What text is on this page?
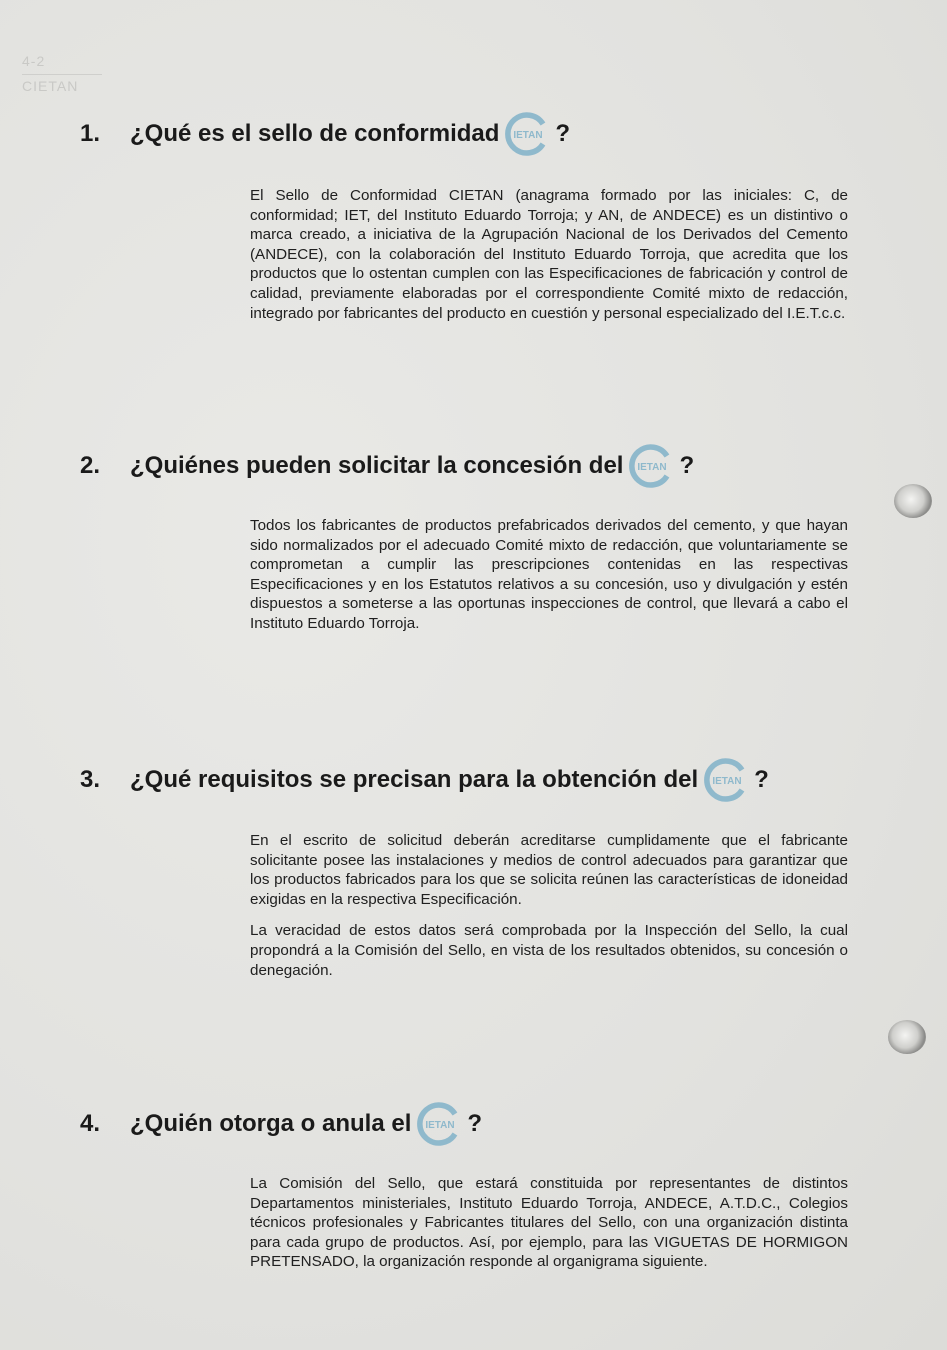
4-2
CIETAN
1.	¿Qué es el sello de conformidad IETAN ?

El Sello de Conformidad CIETAN (anagrama formado por las iniciales: C, de conformidad; IET, del Instituto Eduardo Torroja; y AN, de ANDECE) es un distintivo o marca creado, a iniciativa de la Agrupación Nacional de los Derivados del Cemento (ANDECE), con la colaboración del Instituto Eduardo Torroja, que acredita que los productos que lo ostentan cumplen con las Especificaciones de fabricación y control de calidad, previamente elaboradas por el correspondiente Comité mixto de redacción, integrado por fabricantes del producto en cuestión y personal especializado del I.E.T.c.c.

2.	¿Quiénes pueden solicitar la concesión del IETAN ?

Todos los fabricantes de productos prefabricados derivados del cemento, y que hayan sido normalizados por el adecuado Comité mixto de redacción, que voluntariamente se comprometan a cumplir las prescripciones contenidas en las respectivas Especificaciones y en los Estatutos relativos a su concesión, uso y divulgación y estén dispuestos a someterse a las oportunas inspecciones de control, que llevará a cabo el Instituto Eduardo Torroja.

3.	¿Qué requisitos se precisan para la obtención del IETAN ?

En el escrito de solicitud deberán acreditarse cumplidamente que el fabricante solicitante posee las instalaciones y medios de control adecuados para garantizar que los productos fabricados para los que se solicita reúnen las características de idoneidad exigidas en la respectiva Especificación.

La veracidad de estos datos será comprobada por la Inspección del Sello, la cual propondrá a la Comisión del Sello, en vista de los resultados obtenidos, su concesión o denegación.

4.	¿Quién otorga o anula el IETAN ?

La Comisión del Sello, que estará constituida por representantes de distintos Departamentos ministeriales, Instituto Eduardo Torroja, ANDECE, A.T.D.C., Colegios técnicos profesionales y Fabricantes titulares del Sello, con una organización distinta para cada grupo de productos. Así, por ejemplo, para las VIGUETAS DE HORMIGON PRETENSADO, la organización responde al organigrama siguiente.
